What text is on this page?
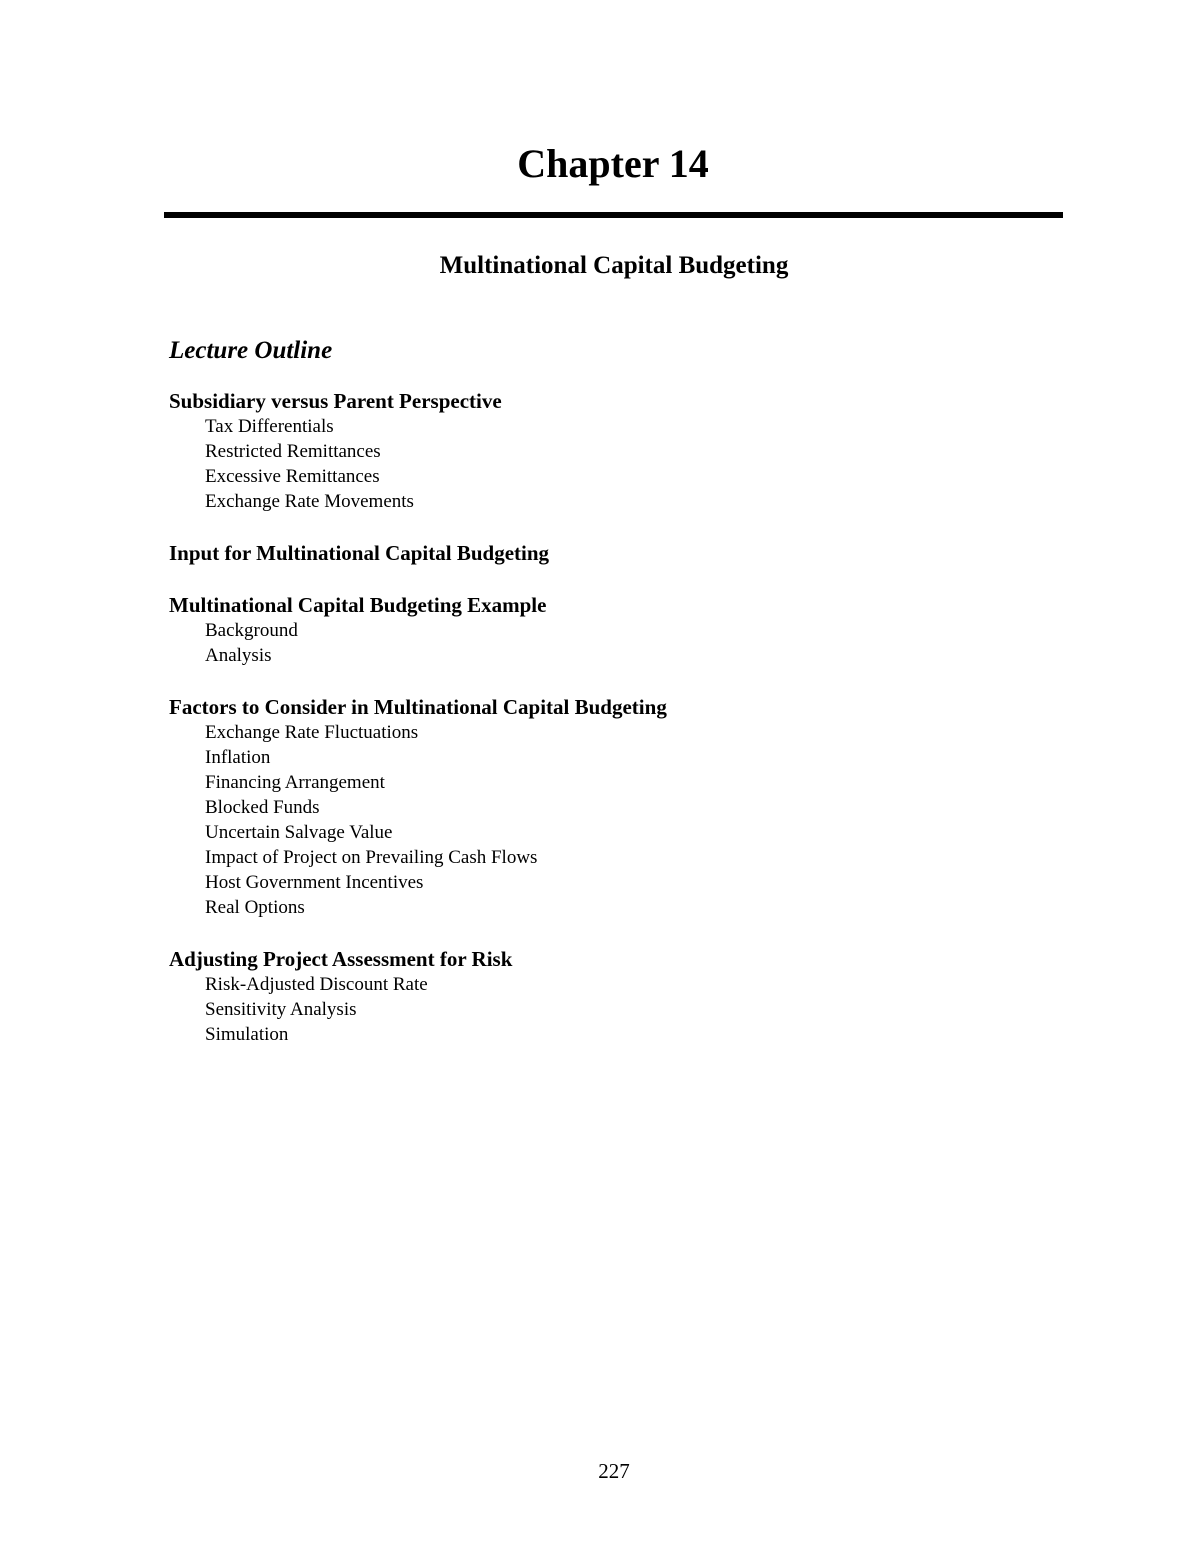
Chapter 14
Multinational Capital Budgeting
Lecture Outline
Subsidiary versus Parent Perspective
Tax Differentials
Restricted Remittances
Excessive Remittances
Exchange Rate Movements
Input for Multinational Capital Budgeting
Multinational Capital Budgeting Example
Background
Analysis
Factors to Consider in Multinational Capital Budgeting
Exchange Rate Fluctuations
Inflation
Financing Arrangement
Blocked Funds
Uncertain Salvage Value
Impact of Project on Prevailing Cash Flows
Host Government Incentives
Real Options
Adjusting Project Assessment for Risk
Risk-Adjusted Discount Rate
Sensitivity Analysis
Simulation
227
